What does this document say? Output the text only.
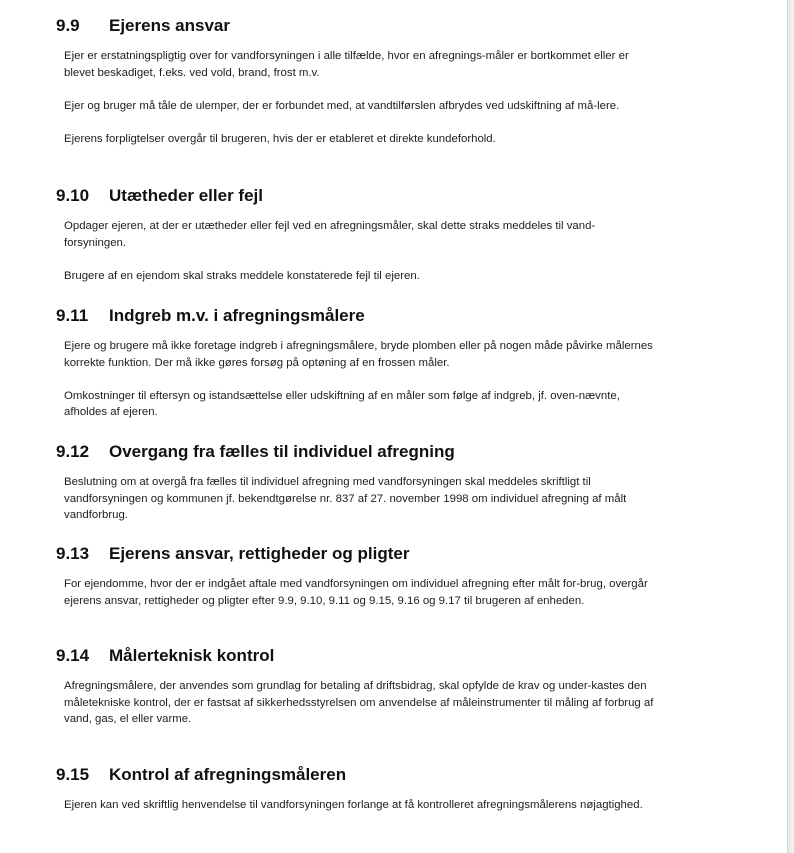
9.9	Ejerens ansvar

Ejer er erstatningspligtig over for vandforsyningen i alle tilfælde, hvor en afregnings-måler er bortkommet eller er blevet beskadiget, f.eks. ved vold, brand, frost m.v.

Ejer og bruger må tåle de ulemper, der er forbundet med, at vandtilførslen afbrydes ved udskiftning af må-lere.

Ejerens forpligtelser overgår til brugeren, hvis der er etableret et direkte kundeforhold.

9.10	Utætheder eller fejl

Opdager ejeren, at der er utætheder eller fejl ved en afregningsmåler, skal dette straks meddeles til vand-forsyningen.

Brugere af en ejendom skal straks meddele konstaterede fejl til ejeren.

9.11	Indgreb m.v. i afregningsmålere

Ejere og brugere må ikke foretage indgreb i afregningsmålere, bryde plomben eller på nogen måde påvirke målernes korrekte funktion. Der må ikke gøres forsøg på optøning af en frossen måler.

Omkostninger til eftersyn og istandsættelse eller udskiftning af en måler som følge af indgreb, jf. oven-nævnte, afholdes af ejeren.

9.12	Overgang fra fælles til individuel afregning

Beslutning om at overgå fra fælles til individuel afregning med vandforsyningen skal meddeles skriftligt til vandforsyningen og kommunen jf. bekendtgørelse nr. 837 af 27. november 1998 om individuel afregning af målt vandforbrug.

9.13	Ejerens ansvar, rettigheder og pligter

For ejendomme, hvor der er indgået aftale med vandforsyningen om individuel afregning efter målt for-brug, overgår ejerens ansvar, rettigheder og pligter efter 9.9, 9.10, 9.11 og 9.15, 9.16 og 9.17 til brugeren af enheden.

9.14	Målerteknisk kontrol

Afregningsmålere, der anvendes som grundlag for betaling af driftsbidrag, skal opfylde de krav og under-kastes den måletekniske kontrol, der er fastsat af sikkerhedsstyrelsen om anvendelse af måleinstrumenter til måling af forbrug af vand, gas, el eller varme.

9.15	Kontrol af afregningsmåleren

Ejeren kan ved skriftlig henvendelse til vandforsyningen forlange at få kontrolleret afregningsmålerens nøjagtighed.
